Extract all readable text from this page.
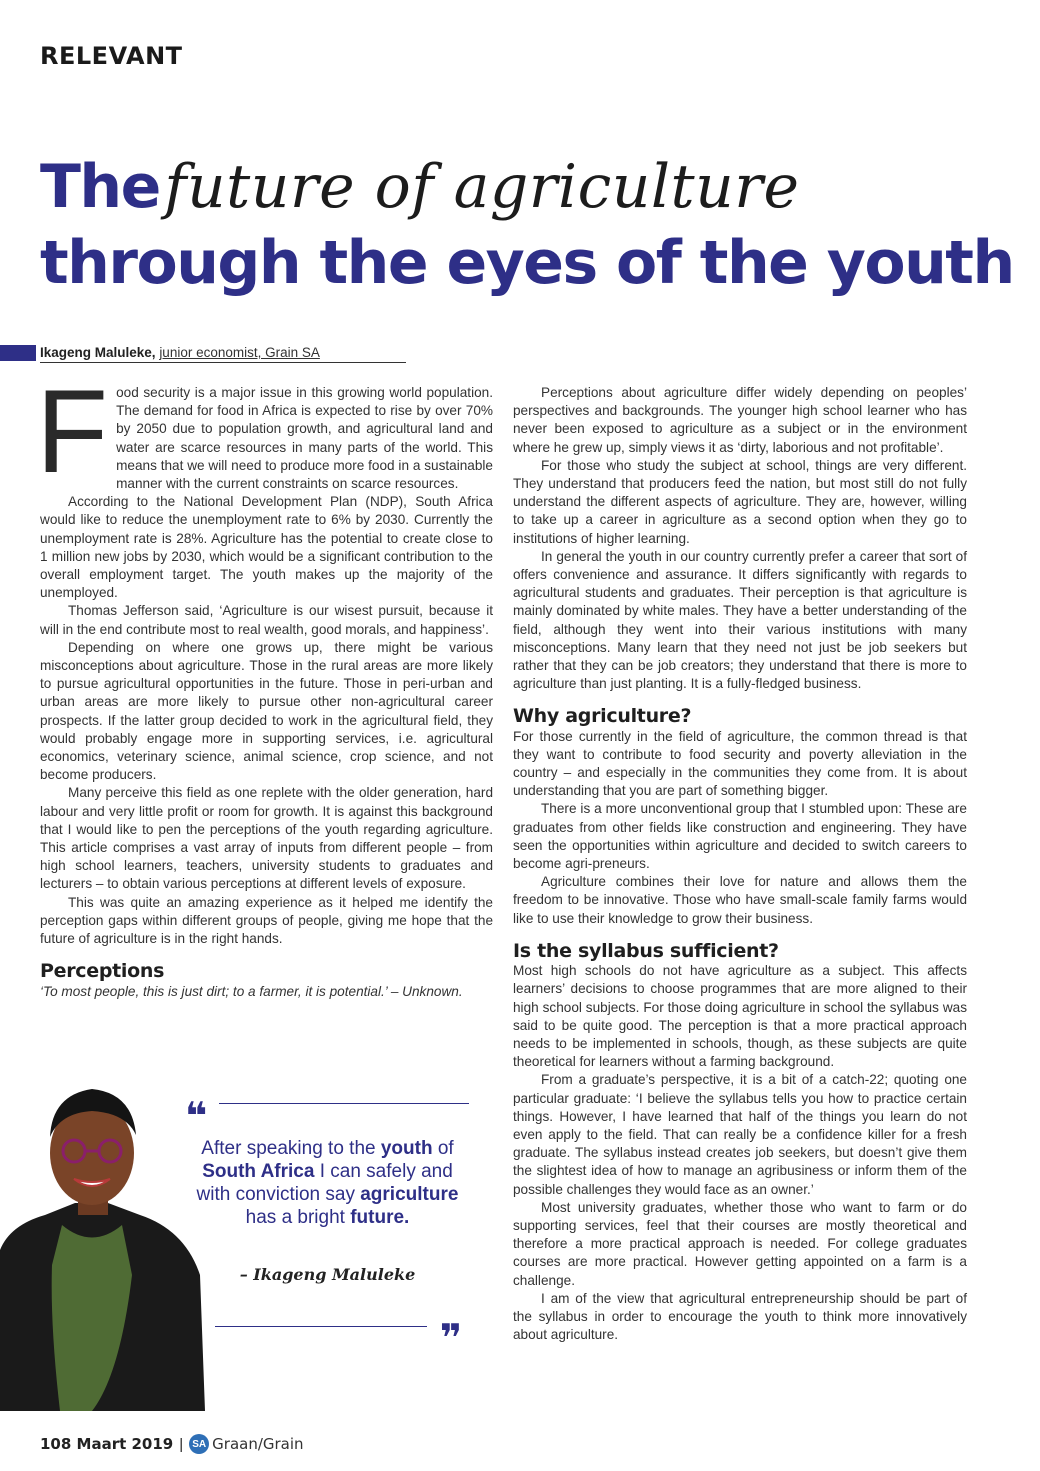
RELEVANT
The future of agriculture
through the eyes of the youth
Ikageng Maluleke, junior economist, Grain SA
F ood security is a major issue in this growing world population. The demand for food in Africa is expected to rise by over 70% by 2050 due to population growth, and agricultural land and water are scarce resources in many parts of the world. This means that we will need to produce more food in a sustainable manner with the current constraints on scarce resources.

According to the National Development Plan (NDP), South Africa would like to reduce the unemployment rate to 6% by 2030. Currently the unemployment rate is 28%. Agriculture has the potential to create close to 1 million new jobs by 2030, which would be a significant contribution to the overall employment target. The youth makes up the majority of the unemployed.

Thomas Jefferson said, ‘Agriculture is our wisest pursuit, because it will in the end contribute most to real wealth, good morals, and happiness’.

Depending on where one grows up, there might be various misconceptions about agriculture. Those in the rural areas are more likely to pursue agricultural opportunities in the future. Those in peri-urban and urban areas are more likely to pursue other non-agricultural career prospects. If the latter group decided to work in the agricultural field, they would probably engage more in supporting services, i.e. agricultural economics, veterinary science, animal science, crop science, and not become producers.

Many perceive this field as one replete with the older generation, hard labour and very little profit or room for growth. It is against this background that I would like to pen the perceptions of the youth regarding agriculture. This article comprises a vast array of inputs from different people – from high school learners, teachers, university students to graduates and lecturers – to obtain various perceptions at different levels of exposure.

This was quite an amazing experience as it helped me identify the perception gaps within different groups of people, giving me hope that the future of agriculture is in the right hands.

Perceptions

‘To most people, this is just dirt; to a farmer, it is potential.’ – Unknown.

❝
After speaking to the youth of South Africa I can safely and with conviction say agriculture has a bright future.
– Ikageng Maluleke
❞

Perceptions about agriculture differ widely depending on peoples’ perspectives and backgrounds. The younger high school learner who has never been exposed to agriculture as a subject or in the environment where he grew up, simply views it as ‘dirty, laborious and not profitable’.

For those who study the subject at school, things are very different. They understand that producers feed the nation, but most still do not fully understand the different aspects of agriculture. They are, however, willing to take up a career in agriculture as a second option when they go to institutions of higher learning.

In general the youth in our country currently prefer a career that sort of offers convenience and assurance. It differs significantly with regards to agricultural students and graduates. Their perception is that agriculture is mainly dominated by white males. They have a better understanding of the field, although they went into their various institutions with many misconceptions. Many learn that they need not just be job seekers but rather that they can be job creators; they understand that there is more to agriculture than just planting. It is a fully-fledged business.

Why agriculture?

For those currently in the field of agriculture, the common thread is that they want to contribute to food security and poverty alleviation in the country – and especially in the communities they come from. It is about understanding that you are part of something bigger.

There is a more unconventional group that I stumbled upon: These are graduates from other fields like construction and engineering. They have seen the opportunities within agriculture and decided to switch careers to become agri-preneurs.

Agriculture combines their love for nature and allows them the freedom to be innovative. Those who have small-scale family farms would like to use their knowledge to grow their business.

Is the syllabus sufficient?

Most high schools do not have agriculture as a subject. This affects learners’ decisions to choose programmes that are more aligned to their high school subjects. For those doing agriculture in school the syllabus was said to be quite good. The perception is that a more practical approach needs to be implemented in schools, though, as these subjects are quite theoretical for learners without a farming background.

From a graduate’s perspective, it is a bit of a catch-22; quoting one particular graduate: ‘I believe the syllabus tells you how to practice certain things. However, I have learned that half of the things you learn do not even apply to the field. That can really be a confidence killer for a fresh graduate. The syllabus instead creates job seekers, but doesn’t give them the slightest idea of how to manage an agribusiness or inform them of the possible challenges they would face as an owner.’

Most university graduates, whether those who want to farm or do supporting services, feel that their courses are mostly theoretical and therefore a more practical approach is needed. For college graduates courses are more practical. However getting appointed on a farm is a challenge.

I am of the view that agricultural entrepreneurship should be part of the syllabus in order to encourage the youth to think more innovatively about agriculture.

108 Maart 2019 | SA Graan/Grain
